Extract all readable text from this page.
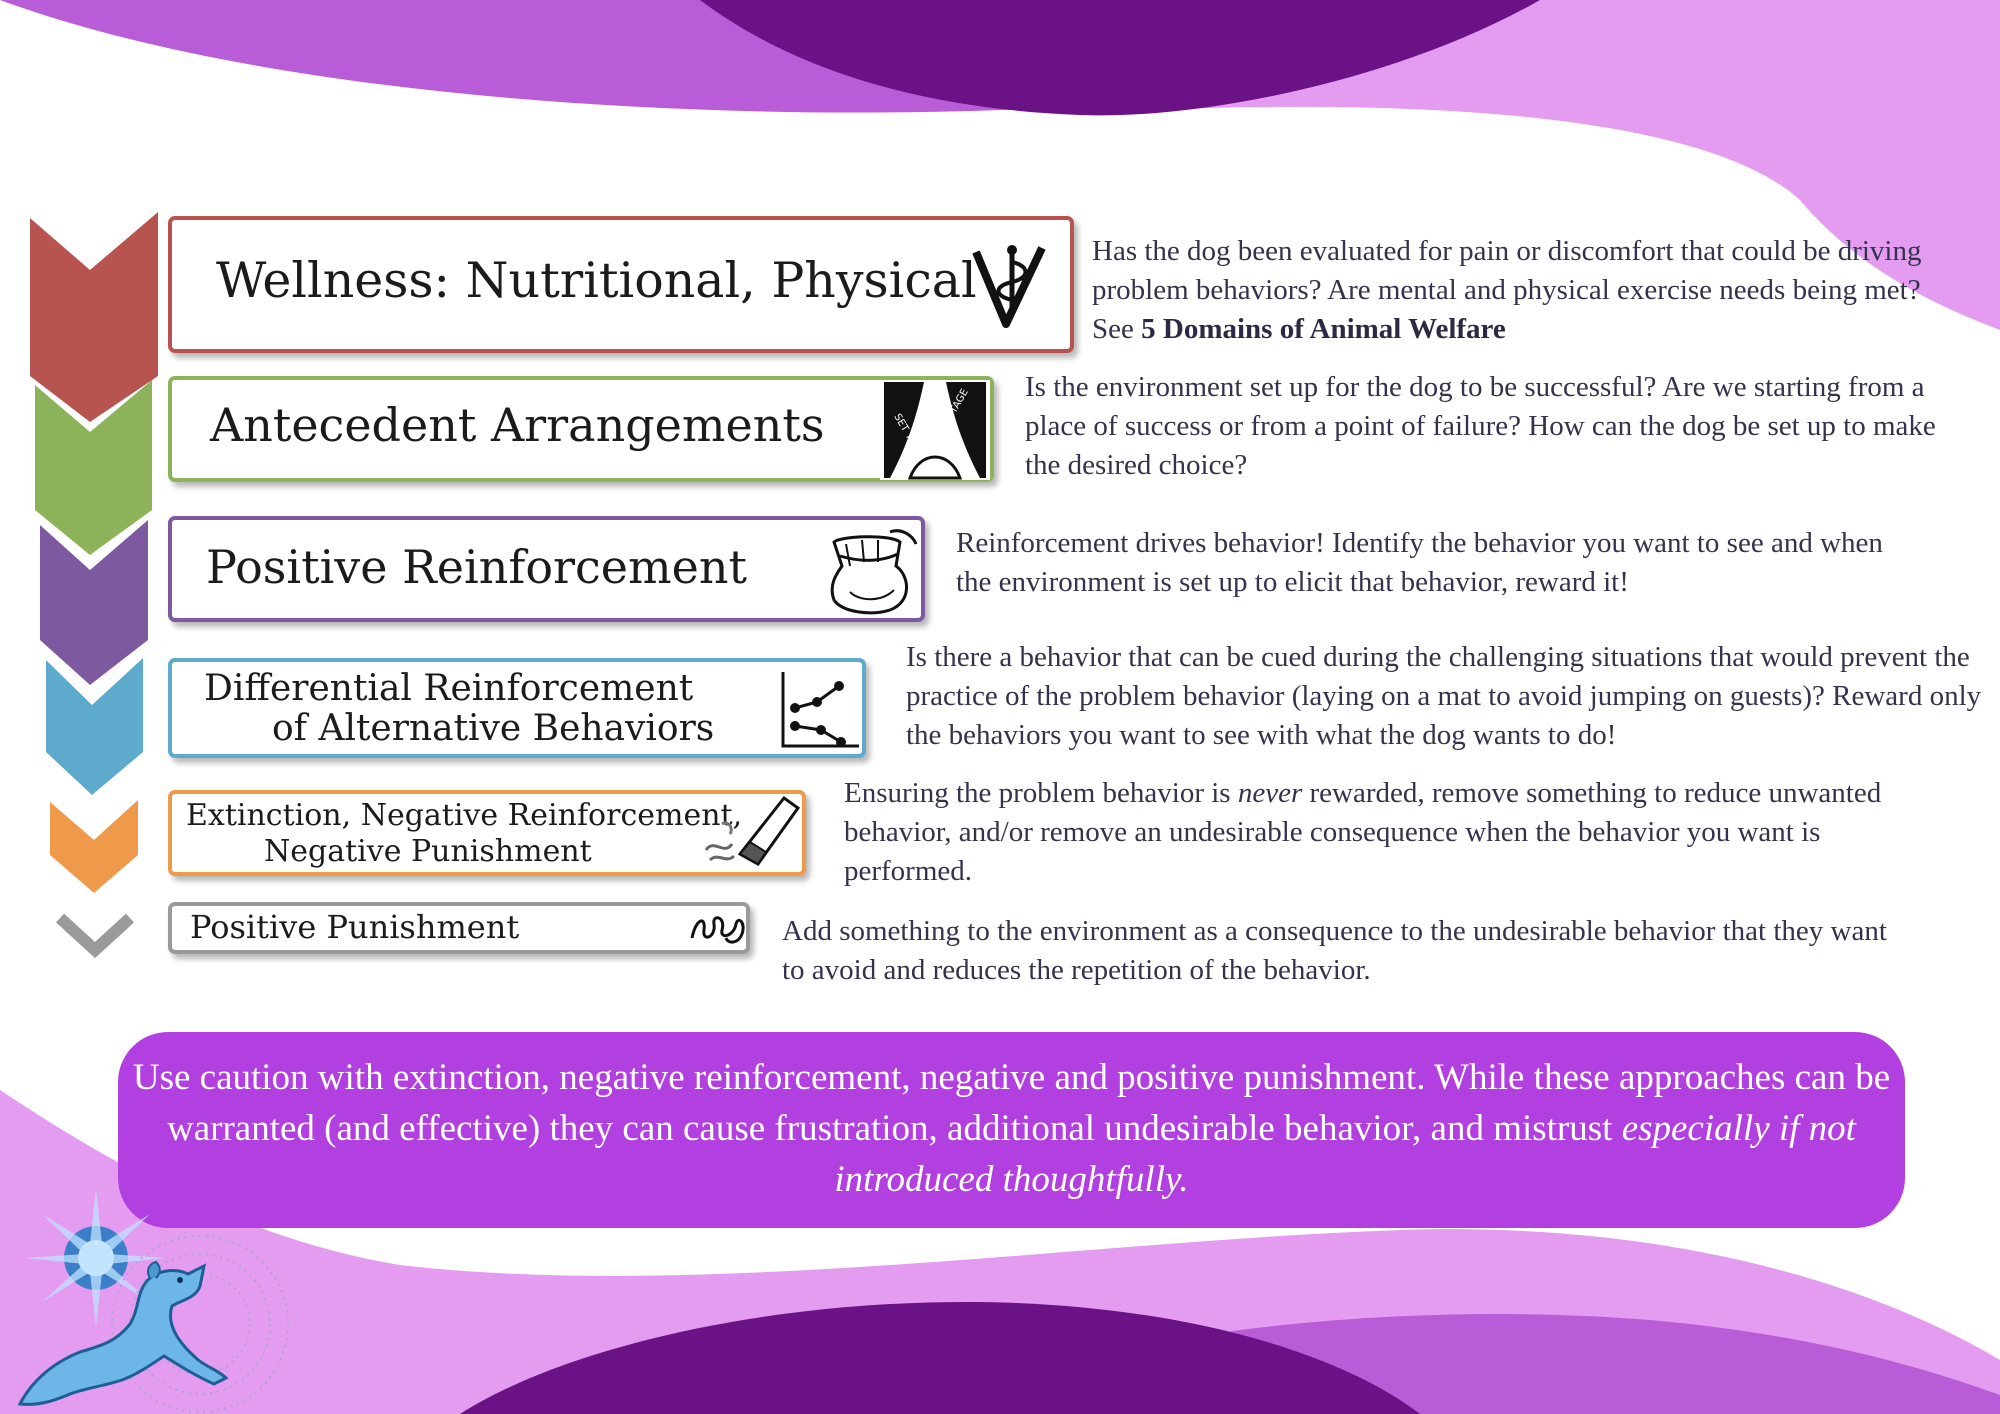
Wellness: Nutritional, Physical
Has the dog been evaluated for pain or discomfort that could be driving problem behaviors? Are mental and physical exercise needs being met? See 5 Domains of Animal Welfare
Antecedent Arrangements	SET THE
STAGE
Is the environment set up for the dog to be successful? Are we starting from a place of success or from a point of failure? How can the dog be set up to make the desired choice?
Positive Reinforcement	Reinforcement drives behavior! Identify the behavior you want to see and when the environment is set up to elicit that behavior, reward it!
Differential Reinforcement
of Alternative Behaviors
Is there a behavior that can be cued during the challenging situations that would prevent the practice of the problem behavior (laying on a mat to avoid jumping on guests)? Reward only the behaviors you want to see with what the dog wants to do!
Extinction, Negative Reinforcement,
Negative Punishment
Ensuring the problem behavior is never rewarded, remove something to reduce unwanted behavior, and/or remove an undesirable consequence when the behavior you want is performed.
Positive Punishment	Add something to the environment as a consequence to the undesirable behavior that they want to avoid and reduces the repetition of the behavior.
Use caution with extinction, negative reinforcement, negative and positive punishment. While these approaches can be warranted (and effective) they can cause frustration, additional undesirable behavior, and mistrust especially if not introduced thoughtfully.
